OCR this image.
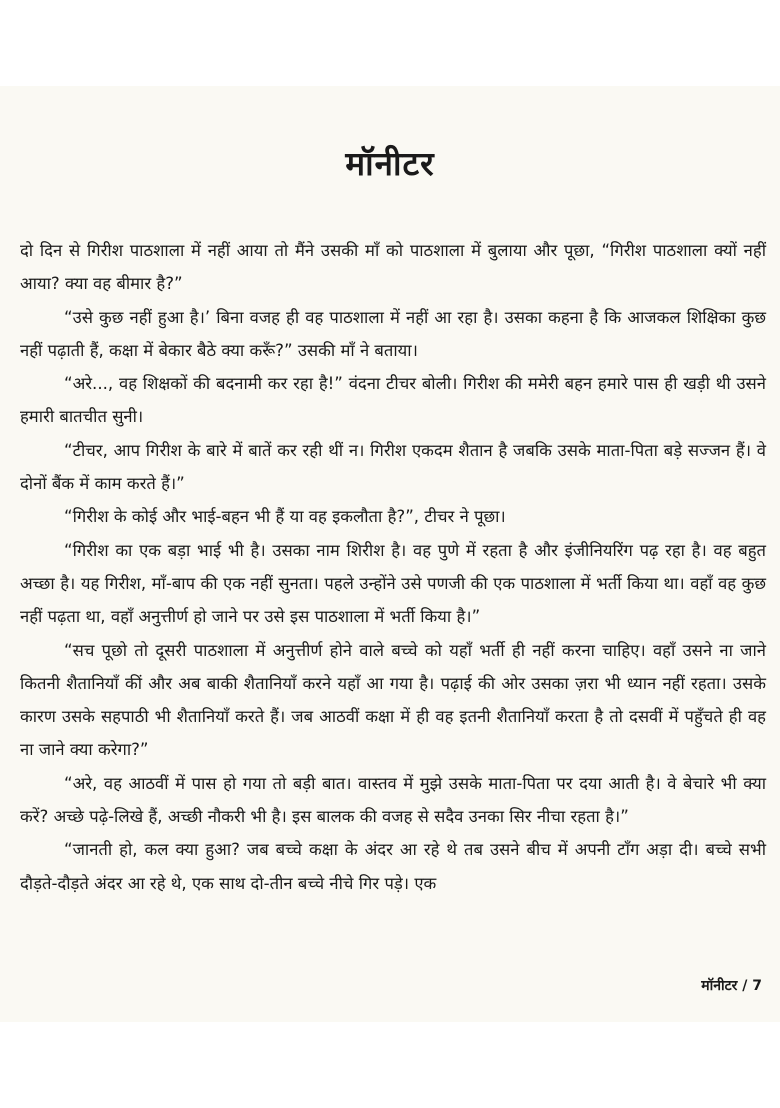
मॉनीटर

दो दिन से गिरीश पाठशाला में नहीं आया तो मैंने उसकी माँ को पाठशाला में बुलाया और पूछा, “गिरीश पाठशाला क्यों नहीं आया? क्या वह बीमार है?”

“उसे कुछ नहीं हुआ है।’ बिना वजह ही वह पाठशाला में नहीं आ रहा है। उसका कहना है कि आजकल शिक्षिका कुछ नहीं पढ़ाती हैं, कक्षा में बेकार बैठे क्या करूँ?” उसकी माँ ने बताया।

“अरे..., वह शिक्षकों की बदनामी कर रहा है!” वंदना टीचर बोली। गिरीश की ममेरी बहन हमारे पास ही खड़ी थी उसने हमारी बातचीत सुनी।

“टीचर, आप गिरीश के बारे में बातें कर रही थीं न। गिरीश एकदम शैतान है जबकि उसके माता-पिता बड़े सज्जन हैं। वे दोनों बैंक में काम करते हैं।”

“गिरीश के कोई और भाई-बहन भी हैं या वह इकलौता है?”, टीचर ने पूछा।

“गिरीश का एक बड़ा भाई भी है। उसका नाम शिरीश है। वह पुणे में रहता है और इंजीनियरिंग पढ़ रहा है। वह बहुत अच्छा है। यह गिरीश, माँ-बाप की एक नहीं सुनता। पहले उन्होंने उसे पणजी की एक पाठशाला में भर्ती किया था। वहाँ वह कुछ नहीं पढ़ता था, वहाँ अनुत्तीर्ण हो जाने पर उसे इस पाठशाला में भर्ती किया है।”

“सच पूछो तो दूसरी पाठशाला में अनुत्तीर्ण होने वाले बच्चे को यहाँ भर्ती ही नहीं करना चाहिए। वहाँ उसने ना जाने कितनी शैतानियाँ कीं और अब बाकी शैतानियाँ करने यहाँ आ गया है। पढ़ाई की ओर उसका ज़रा भी ध्यान नहीं रहता। उसके कारण उसके सहपाठी भी शैतानियाँ करते हैं। जब आठवीं कक्षा में ही वह इतनी शैतानियाँ करता है तो दसवीं में पहुँचते ही वह ना जाने क्या करेगा?”

“अरे, वह आठवीं में पास हो गया तो बड़ी बात। वास्तव में मुझे उसके माता-पिता पर दया आती है। वे बेचारे भी क्या करें? अच्छे पढ़े-लिखे हैं, अच्छी नौकरी भी है। इस बालक की वजह से सदैव उनका सिर नीचा रहता है।”

“जानती हो, कल क्या हुआ? जब बच्चे कक्षा के अंदर आ रहे थे तब उसने बीच में अपनी टाँग अड़ा दी। बच्चे सभी दौड़ते-दौड़ते अंदर आ रहे थे, एक साथ दो-तीन बच्चे नीचे गिर पड़े। एक

मॉनीटर / 7
